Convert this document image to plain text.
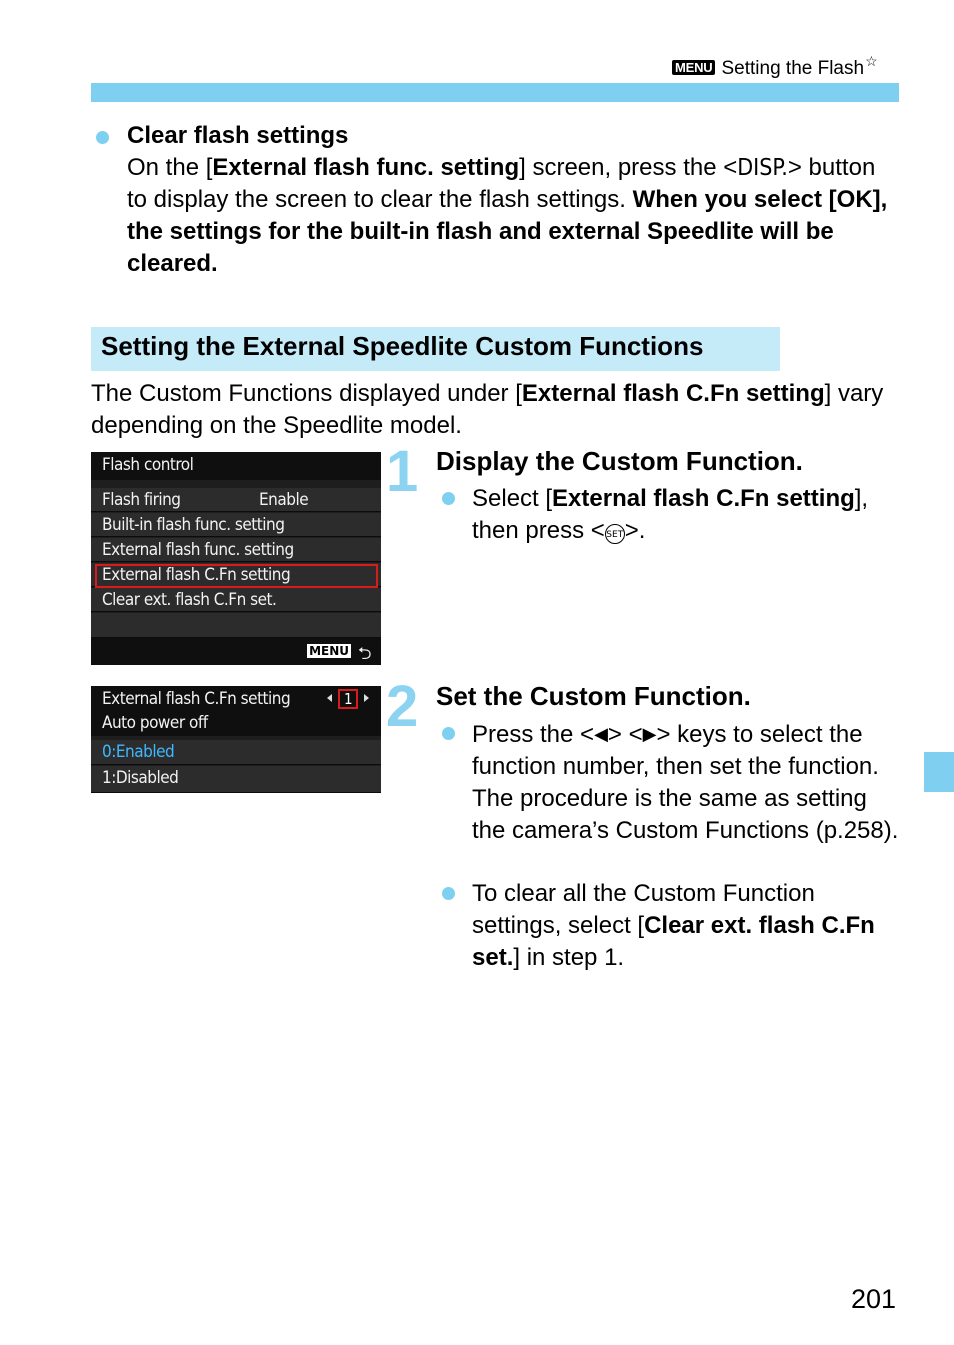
MENU Setting the Flash☆
Clear flash settings
On the [External flash func. setting] screen, press the <DISP.> button to display the screen to clear the flash settings. When you select [OK], the settings for the built-in flash and external Speedlite will be cleared.
Setting the External Speedlite Custom Functions
The Custom Functions displayed under [External flash C.Fn setting] vary depending on the Speedlite model.
Flash control
Flash firing	Enable
Built-in flash func. setting
External flash func. setting
External flash C.Fn setting
Clear ext. flash C.Fn set.
MENU ⮌
External flash C.Fn setting
Auto power off
1
0:Enabled
1:Disabled
1 Display the Custom Function.
Select [External flash C.Fn setting], then press < SET>.
2 Set the Custom Function.
Press the <◀> <▶> keys to select the function number, then set the function. The procedure is the same as setting the camera’s Custom Functions (p.258).
To clear all the Custom Function settings, select [Clear ext. flash C.Fn set.] in step 1.
201
